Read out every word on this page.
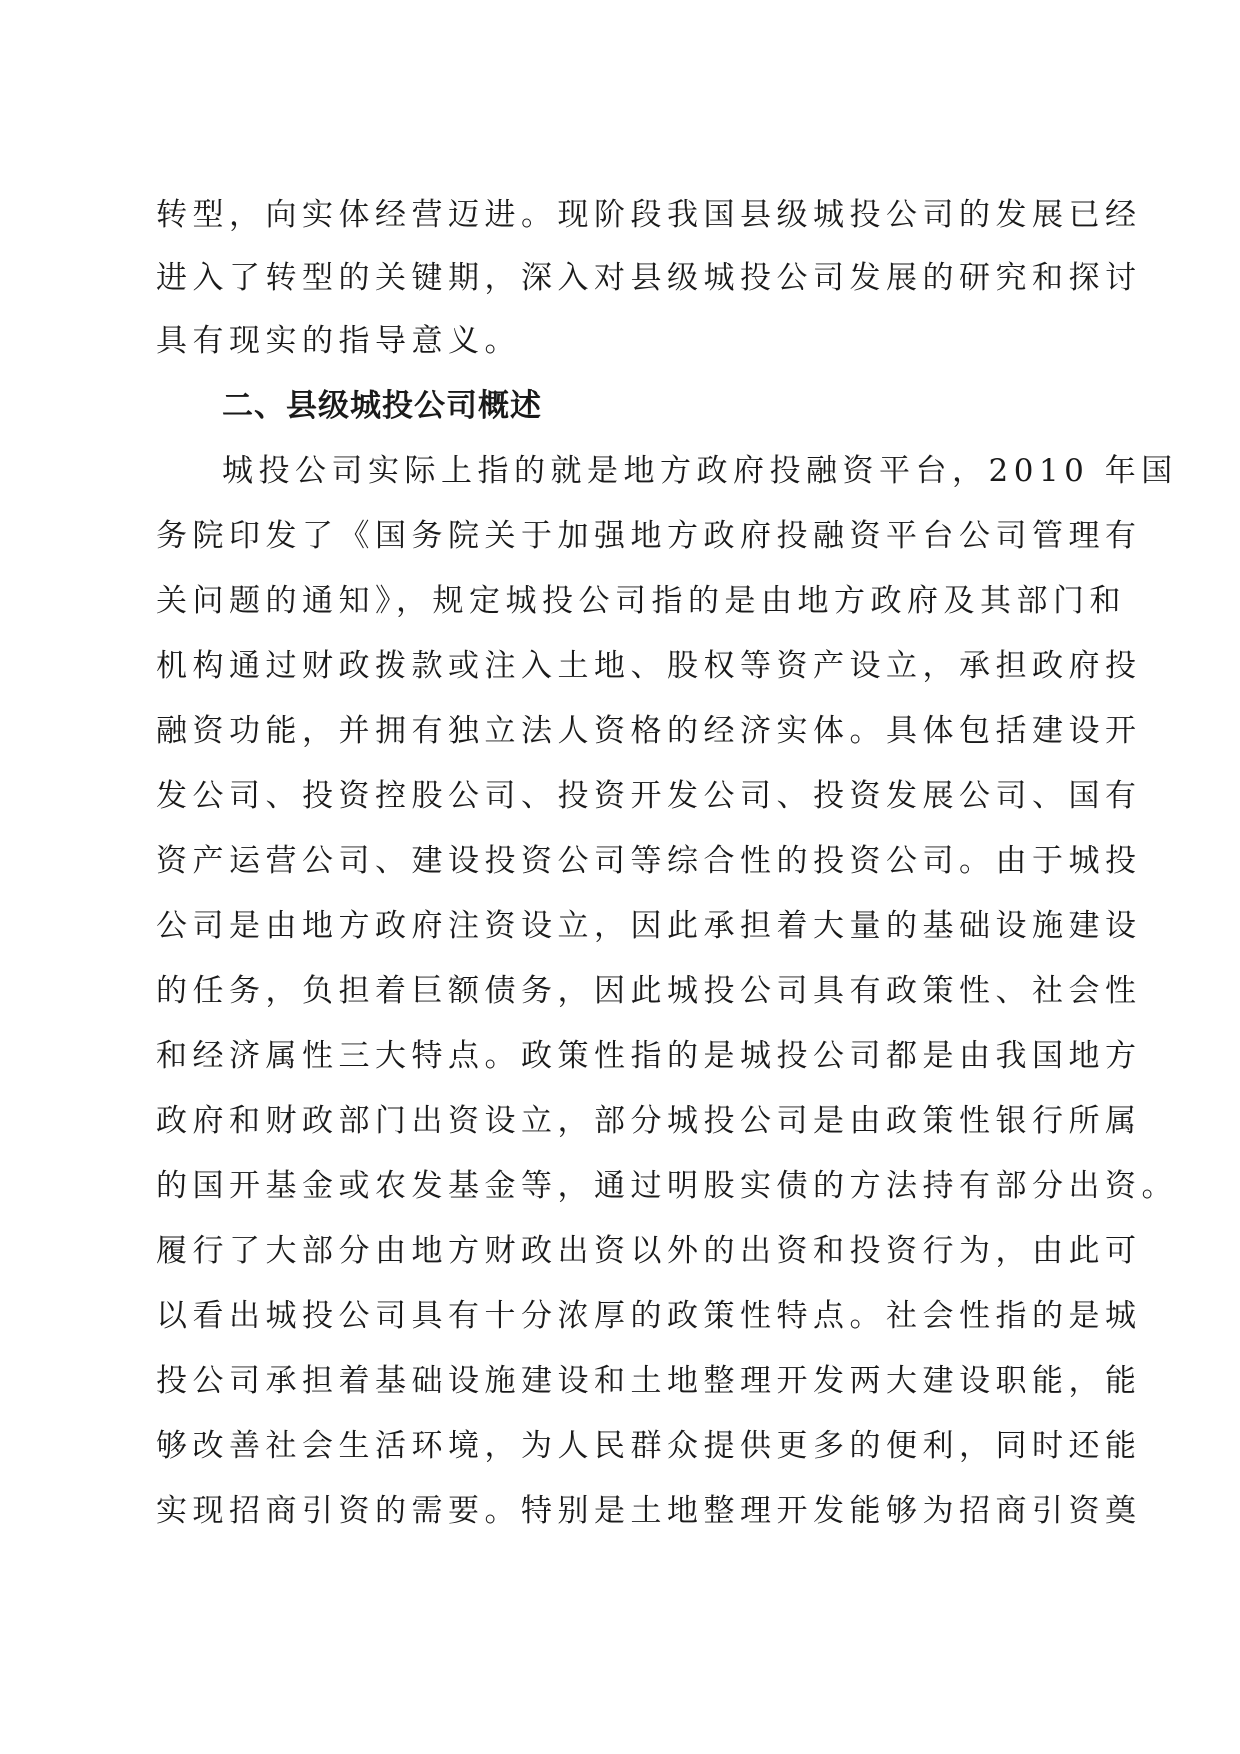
转型，向实体经营迈进。现阶段我国县级城投公司的发展已经
进入了转型的关键期，深入对县级城投公司发展的研究和探讨
具有现实的指导意义。
二、县级城投公司概述
城投公司实际上指的就是地方政府投融资平台，2010 年国
务院印发了《国务院关于加强地方政府投融资平台公司管理有
关问题的通知》，规定城投公司指的是由地方政府及其部门和
机构通过财政拨款或注入土地、股权等资产设立，承担政府投
融资功能，并拥有独立法人资格的经济实体。具体包括建设开
发公司、投资控股公司、投资开发公司、投资发展公司、国有
资产运营公司、建设投资公司等综合性的投资公司。由于城投
公司是由地方政府注资设立，因此承担着大量的基础设施建设
的任务，负担着巨额债务，因此城投公司具有政策性、社会性
和经济属性三大特点。政策性指的是城投公司都是由我国地方
政府和财政部门出资设立，部分城投公司是由政策性银行所属
的国开基金或农发基金等，通过明股实债的方法持有部分出资。
履行了大部分由地方财政出资以外的出资和投资行为，由此可
以看出城投公司具有十分浓厚的政策性特点。社会性指的是城
投公司承担着基础设施建设和土地整理开发两大建设职能，能
够改善社会生活环境，为人民群众提供更多的便利，同时还能
实现招商引资的需要。特别是土地整理开发能够为招商引资奠
